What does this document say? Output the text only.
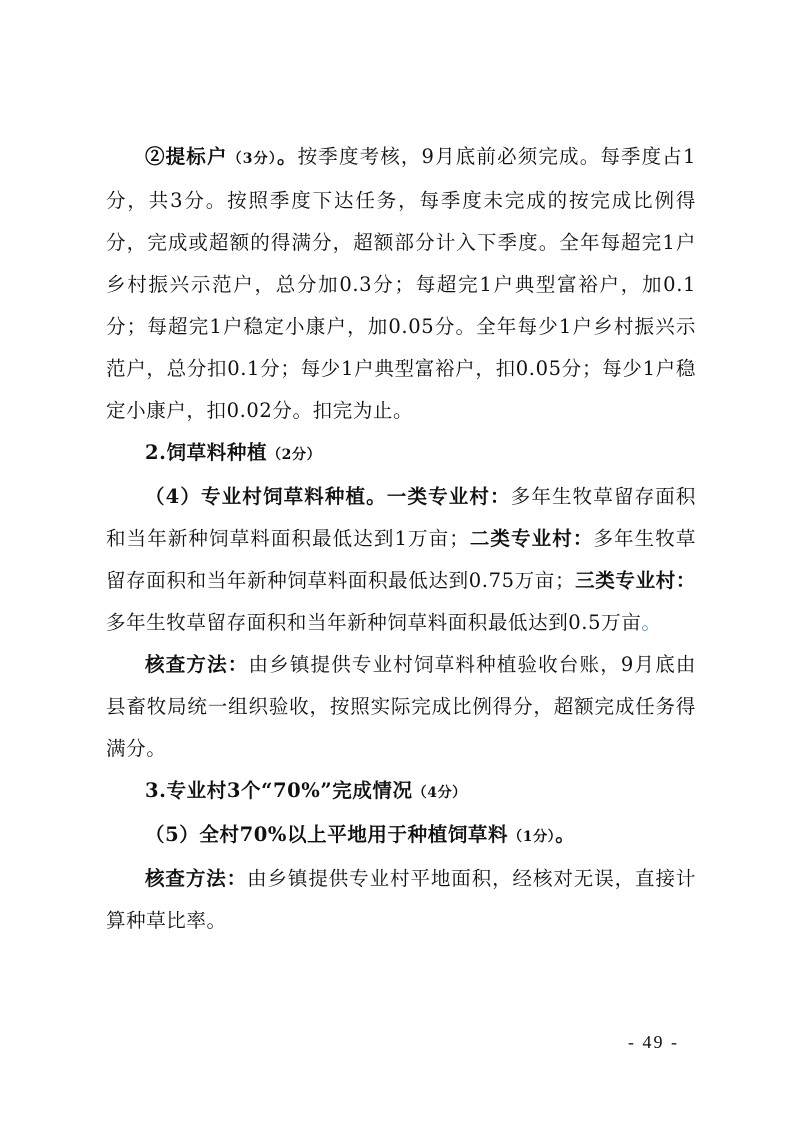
②提标户（3分）。按季度考核，9月底前必须完成。每季度占1分，共3分。按照季度下达任务，每季度未完成的按完成比例得分，完成或超额的得满分，超额部分计入下季度。全年每超完1户乡村振兴示范户，总分加0.3分；每超完1户典型富裕户，加0.1分；每超完1户稳定小康户，加0.05分。全年每少1户乡村振兴示范户，总分扣0.1分；每少1户典型富裕户，扣0.05分；每少1户稳定小康户，扣0.02分。扣完为止。

2.饲草料种植（2分）

（4）专业村饲草料种植。一类专业村：多年生牧草留存面积和当年新种饲草料面积最低达到1万亩；二类专业村：多年生牧草留存面积和当年新种饲草料面积最低达到0.75万亩；三类专业村：多年生牧草留存面积和当年新种饲草料面积最低达到0.5万亩。

核查方法：由乡镇提供专业村饲草料种植验收台账，9月底由县畜牧局统一组织验收，按照实际完成比例得分，超额完成任务得满分。

3.专业村3个“70%”完成情况（4分）

（5）全村70%以上平地用于种植饲草料（1分）。

核查方法：由乡镇提供专业村平地面积，经核对无误，直接计算种草比率。

- 49 -
